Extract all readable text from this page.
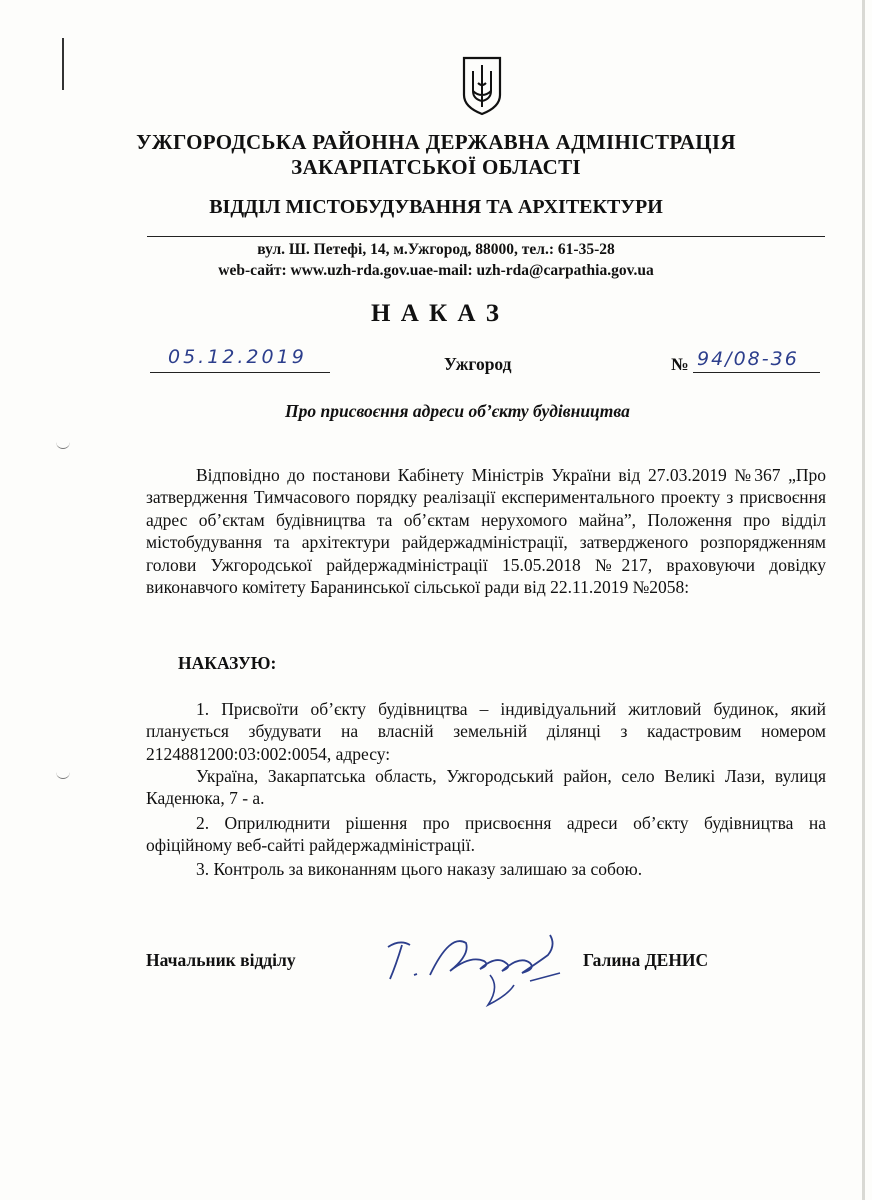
УЖГОРОДСЬКА РАЙОННА ДЕРЖАВНА АДМІНІСТРАЦІЯ
ЗАКАРПАТСЬКОЇ ОБЛАСТІ
ВІДДІЛ МІСТОБУДУВАННЯ ТА АРХІТЕКТУРИ
вул. Ш. Петефі, 14, м.Ужгород, 88000, тел.: 61-35-28
web-сайт: www.uzh-rda.gov.uae-mail: uzh-rda@carpathia.gov.ua
Н А К А З
05.12.2019	Ужгород	№ 94/08-36
Про присвоєння адреси об’єкту будівництва
Відповідно до постанови Кабінету Міністрів України від 27.03.2019 №367 „Про затвердження Тимчасового порядку реалізації експериментального проекту з присвоєння адрес об’єктам будівництва та об’єктам нерухомого майна”, Положення про відділ містобудування та архітектури райдержадміністрації, затвердженого розпорядженням голови Ужгородської райдержадміністрації 15.05.2018 №217, враховуючи довідку виконавчого комітету Баранинської сільської ради від 22.11.2019 №2058:
НАКАЗУЮ:
1. Присвоїти об’єкту будівництва – індивідуальний житловий будинок, який планується збудувати на власній земельній ділянці з кадастровим номером 2124881200:03:002:0054, адресу:
Україна, Закарпатська область, Ужгородський район, село Великі Лази, вулиця Каденюка, 7 - а.
2. Оприлюднити рішення про присвоєння адреси об’єкту будівництва на офіційному веб-сайті райдержадміністрації.
3. Контроль за виконанням цього наказу залишаю за собою.
Начальник відділу	Галина ДЕНИС
